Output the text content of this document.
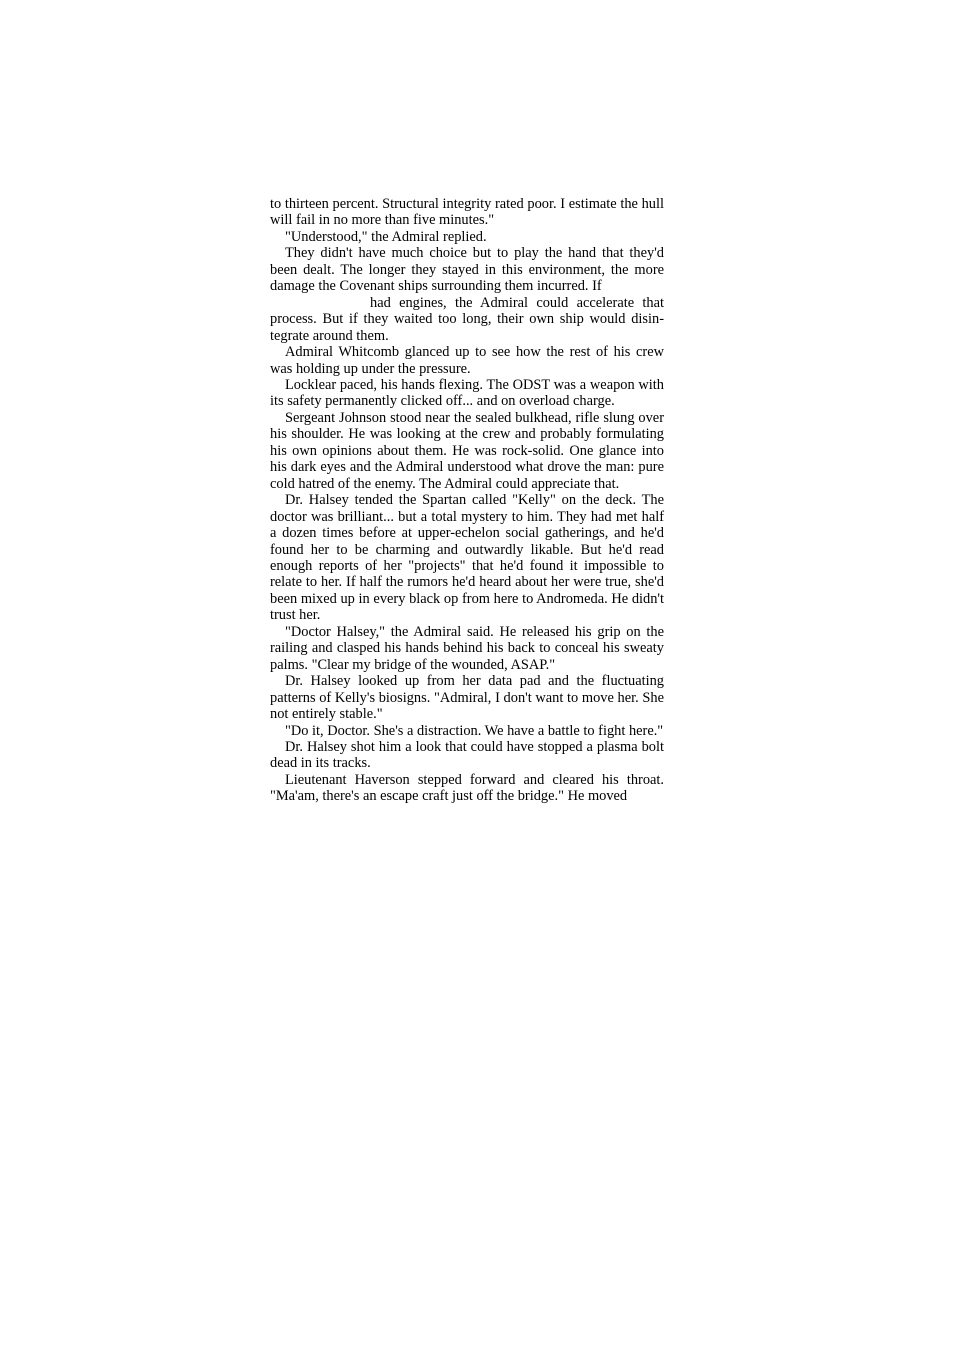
to thirteen percent. Structural integrity rated poor. I estimate the hull will fail in no more than five minutes."

"Understood," the Admiral replied.

They didn't have much choice but to play the hand that they'd been dealt. The longer they stayed in this environment, the more damage the Covenant ships surrounding them incurred. If

had engines, the Admiral could accelerate that process. But if they waited too long, their own ship would disintegrate around them.

Admiral Whitcomb glanced up to see how the rest of his crew was holding up under the pressure.

Locklear paced, his hands flexing. The ODST was a weapon with its safety permanently clicked off... and on overload charge.

Sergeant Johnson stood near the sealed bulkhead, rifle slung over his shoulder. He was looking at the crew and probably formulating his own opinions about them. He was rock-solid. One glance into his dark eyes and the Admiral understood what drove the man: pure cold hatred of the enemy. The Admiral could appreciate that.

Dr. Halsey tended the Spartan called "Kelly" on the deck. The doctor was brilliant... but a total mystery to him. They had met half a dozen times before at upper-echelon social gatherings, and he'd found her to be charming and outwardly likable. But he'd read enough reports of her "projects" that he'd found it impossible to relate to her. If half the rumors he'd heard about her were true, she'd been mixed up in every black op from here to Andromeda. He didn't trust her.

"Doctor Halsey," the Admiral said. He released his grip on the railing and clasped his hands behind his back to conceal his sweaty palms. "Clear my bridge of the wounded, ASAP."

Dr. Halsey looked up from her data pad and the fluctuating patterns of Kelly's biosigns. "Admiral, I don't want to move her. She not entirely stable."

"Do it, Doctor. She's a distraction. We have a battle to fight here."

Dr. Halsey shot him a look that could have stopped a plasma bolt dead in its tracks.

Lieutenant Haverson stepped forward and cleared his throat. "Ma'am, there's an escape craft just off the bridge." He moved
